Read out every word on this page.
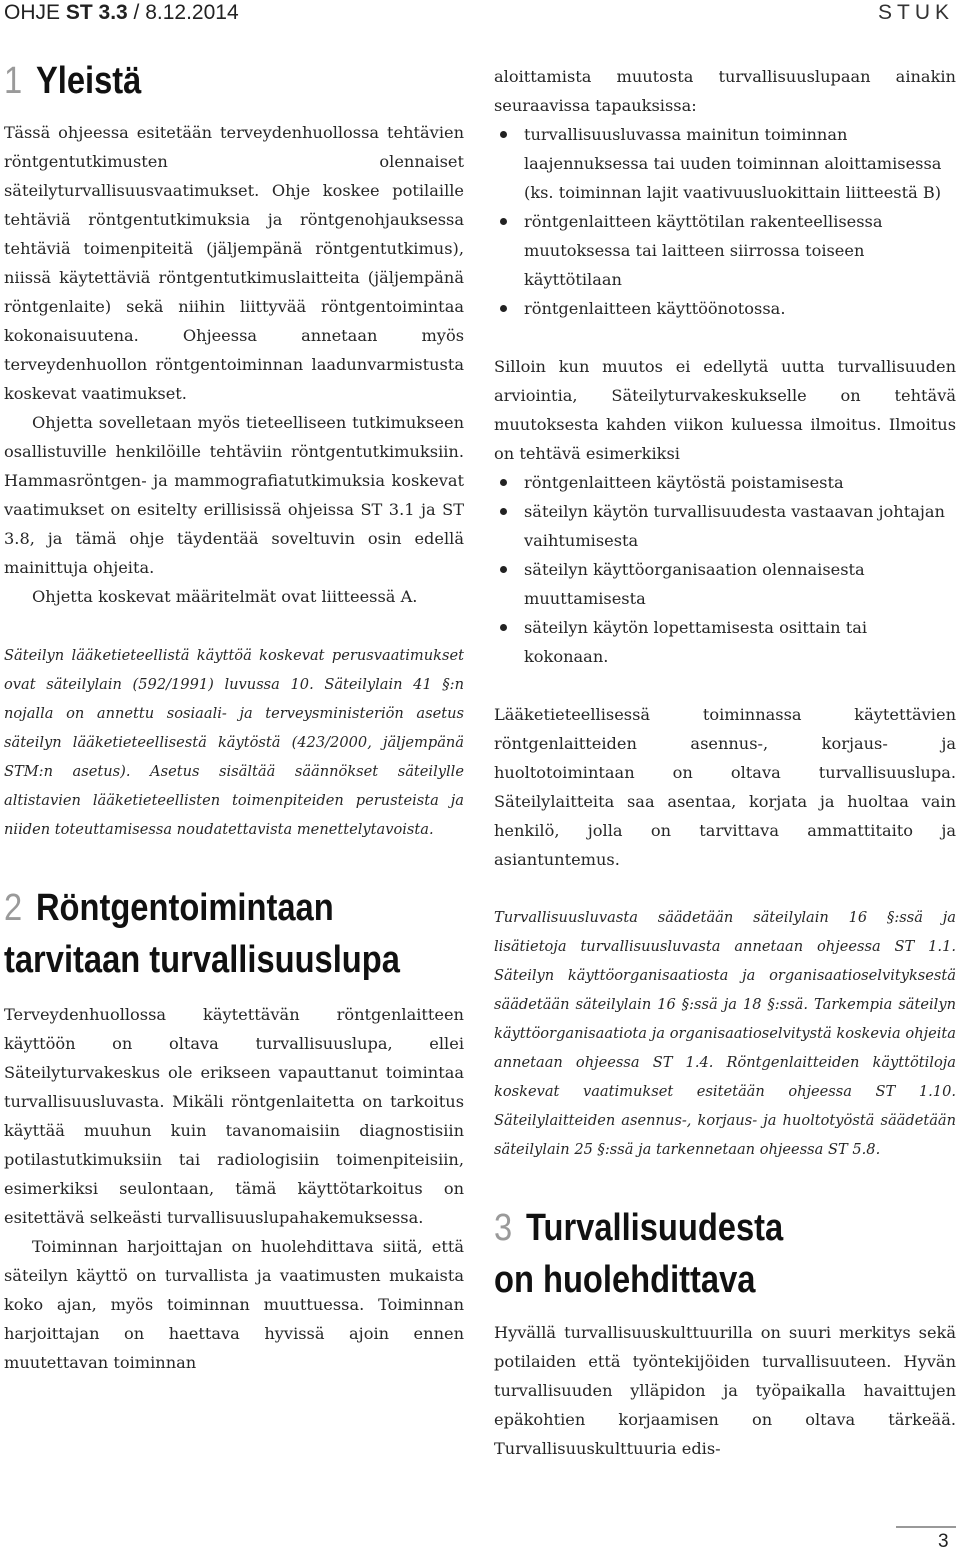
OHJE ST 3.3 / 8.12.2014	STUK
1 Yleistä

Tässä ohjeessa esitetään terveydenhuollossa tehtävien röntgentutkimusten olennaiset säteilyturvallisuusvaatimukset. Ohje koskee potilaille tehtäviä röntgentutkimuksia ja röntgenohjauksessa tehtäviä toimenpiteitä (jäljempänä röntgentutkimus), niissä käytettäviä röntgentutkimuslaitteita (jäljempänä röntgenlaite) sekä niihin liittyvää röntgentoimintaa kokonaisuutena. Ohjeessa annetaan myös terveydenhuollon röntgentoiminnan laadunvarmistusta koskevat vaatimukset.

Ohjetta sovelletaan myös tieteelliseen tutkimukseen osallistuville henkilöille tehtäviin röntgentutkimuksiin. Hammasröntgen- ja mammografiatutkimuksia koskevat vaatimukset on esitelty erillisissä ohjeissa ST 3.1 ja ST 3.8, ja tämä ohje täydentää soveltuvin osin edellä mainittuja ohjeita.

Ohjetta koskevat määritelmät ovat liitteessä A.

Säteilyn lääketieteellistä käyttöä koskevat perusvaatimukset ovat säteilylain (592/1991) luvussa 10. Säteilylain 41 §:n nojalla on annettu sosiaali- ja terveysministeriön asetus säteilyn lääketieteellisestä käytöstä (423/2000, jäljempänä STM:n asetus). Asetus sisältää säännökset säteilylle altistavien lääketieteellisten toimenpiteiden perusteista ja niiden toteuttamisessa noudatettavista menettelytavoista.

2 Röntgentoimintaan
tarvitaan turvallisuuslupa

Terveydenhuollossa käytettävän röntgenlaitteen käyttöön on oltava turvallisuuslupa, ellei Säteilyturvakeskus ole erikseen vapauttanut toimintaa turvallisuusluvasta. Mikäli röntgenlaitetta on tarkoitus käyttää muuhun kuin tavanomaisiin diagnostisiin potilastutkimuksiin tai radiologisiin toimenpiteisiin, esimerkiksi seulontaan, tämä käyttötarkoitus on esitettävä selkeästi turvallisuuslupahakemuksessa.

Toiminnan harjoittajan on huolehdittava siitä, että säteilyn käyttö on turvallista ja vaatimusten mukaista koko ajan, myös toiminnan muuttuessa. Toiminnan harjoittajan on haettava hyvissä ajoin ennen muutettavan toiminnan

aloittamista muutosta turvallisuuslupaan ainakin seuraavissa tapauksissa:

turvallisuusluvassa mainitun toiminnan laajennuksessa tai uuden toiminnan aloittamisessa (ks. toiminnan lajit vaativuusluokittain liitteestä B)
röntgenlaitteen käyttötilan rakenteellisessa muutoksessa tai laitteen siirrossa toiseen käyttötilaan
röntgenlaitteen käyttöönotossa.

Silloin kun muutos ei edellytä uutta turvallisuuden arviointia, Säteilyturvakeskukselle on tehtävä muutoksesta kahden viikon kuluessa ilmoitus. Ilmoitus on tehtävä esimerkiksi

röntgenlaitteen käytöstä poistamisesta
säteilyn käytön turvallisuudesta vastaavan johtajan vaihtumisesta
säteilyn käyttöorganisaation olennaisesta muuttamisesta
säteilyn käytön lopettamisesta osittain tai kokonaan.

Lääketieteellisessä toiminnassa käytettävien röntgenlaitteiden asennus-, korjaus- ja huoltotoimintaan on oltava turvallisuuslupa. Säteilylaitteita saa asentaa, korjata ja huoltaa vain henkilö, jolla on tarvittava ammattitaito ja asiantuntemus.

Turvallisuusluvasta säädetään säteilylain 16 §:ssä ja lisätietoja turvallisuusluvasta annetaan ohjeessa ST 1.1. Säteilyn käyttöorganisaatiosta ja organisaatioselvityksestä säädetään säteilylain 16 §:ssä ja 18 §:ssä. Tarkempia säteilyn käyttöorganisaatiota ja organisaatioselvitystä koskevia ohjeita annetaan ohjeessa ST 1.4. Röntgenlaitteiden käyttötiloja koskevat vaatimukset esitetään ohjeessa ST 1.10. Säteilylaitteiden asennus-, korjaus- ja huoltotyöstä säädetään säteilylain 25 §:ssä ja tarkennetaan ohjeessa ST 5.8.

3 Turvallisuudesta
on huolehdittava

Hyvällä turvallisuuskulttuurilla on suuri merkitys sekä potilaiden että työntekijöiden turvallisuuteen. Hyvän turvallisuuden ylläpidon ja työpaikalla havaittujen epäkohtien korjaamisen on oltava tärkeää. Turvallisuuskulttuuria edis-

3
